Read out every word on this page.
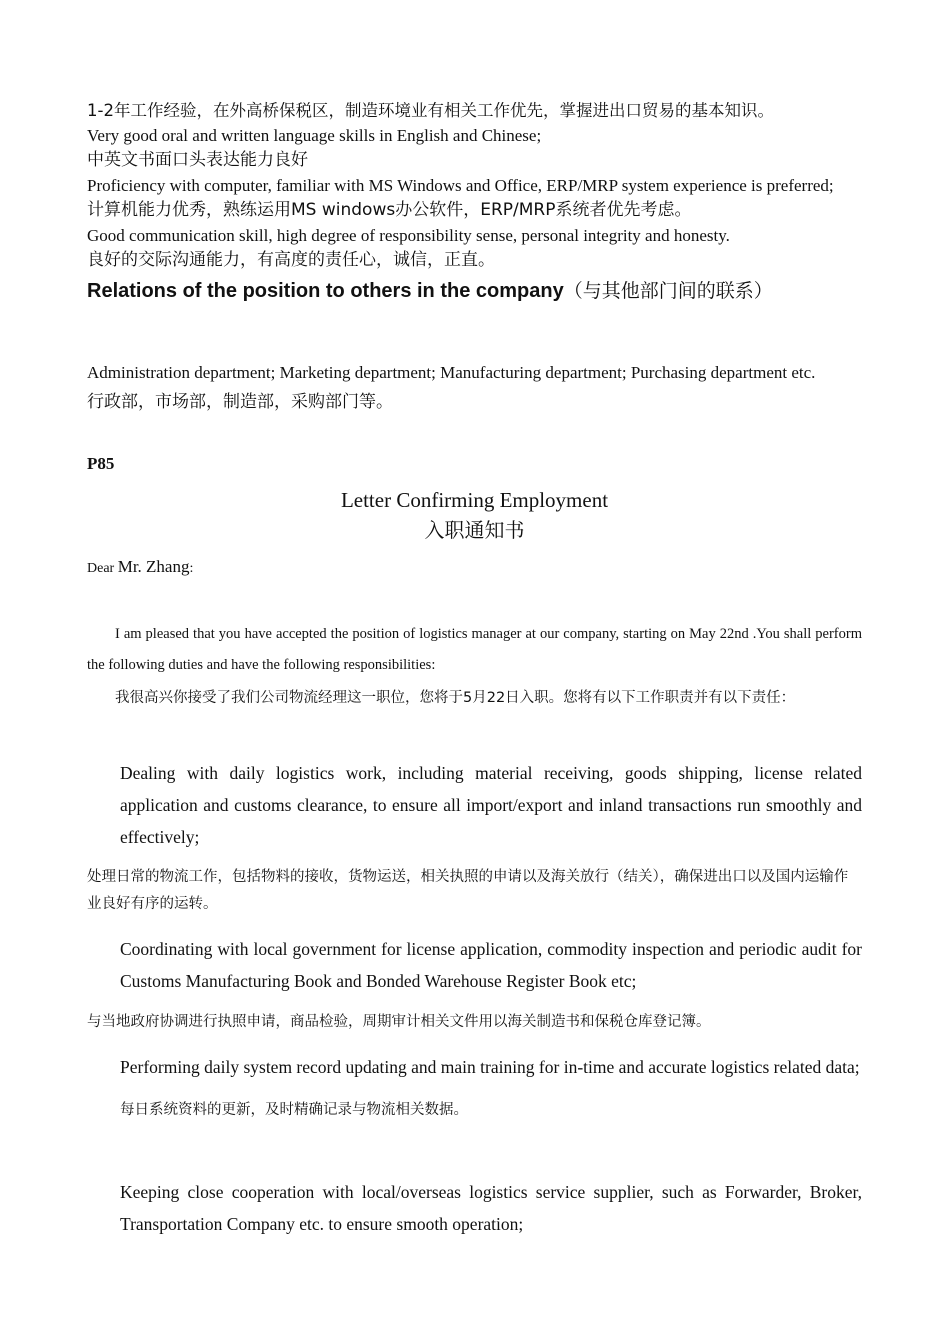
1-2年工作经验，在外高桥保税区，制造环境业有相关工作优先，掌握进出口贸易的基本知识。

Very good oral and written language skills in English and Chinese;

中英文书面口头表达能力良好

Proficiency with computer, familiar with MS Windows and Office, ERP/MRP system experience is preferred;

计算机能力优秀，熟练运用MS windows办公软件，ERP/MRP系统者优先考虑。

Good communication skill, high degree of responsibility sense, personal integrity and honesty.

良好的交际沟通能力，有高度的责任心，诚信，正直。

Relations of the position to others in the company（与其他部门间的联系）

Administration department; Marketing department; Manufacturing department; Purchasing department etc.

行政部，市场部，制造部，采购部门等。

P85

Letter Confirming Employment

入职通知书

Dear Mr. Zhang:

I am pleased that you have accepted the position of logistics manager at our company, starting on May 22nd .You shall perform the following duties and have the following responsibilities:

我很高兴你接受了我们公司物流经理这一职位，您将于5月22日入职。您将有以下工作职责并有以下责任：

Dealing with daily logistics work, including material receiving, goods shipping, license related application and customs clearance, to ensure all import/export and inland transactions run smoothly and effectively;

处理日常的物流工作，包括物料的接收，货物运送，相关执照的申请以及海关放行（结关），确保进出口以及国内运输作业良好有序的运转。

Coordinating with local government for license application, commodity inspection and periodic audit for Customs Manufacturing Book and Bonded Warehouse Register Book etc;

与当地政府协调进行执照申请，商品检验，周期审计相关文件用以海关制造书和保税仓库登记簿。

Performing daily system record updating and main training for in-time and accurate logistics related data;

每日系统资料的更新，及时精确记录与物流相关数据。

Keeping close cooperation with local/overseas logistics service supplier, such as Forwarder, Broker, Transportation Company etc. to ensure smooth operation;
